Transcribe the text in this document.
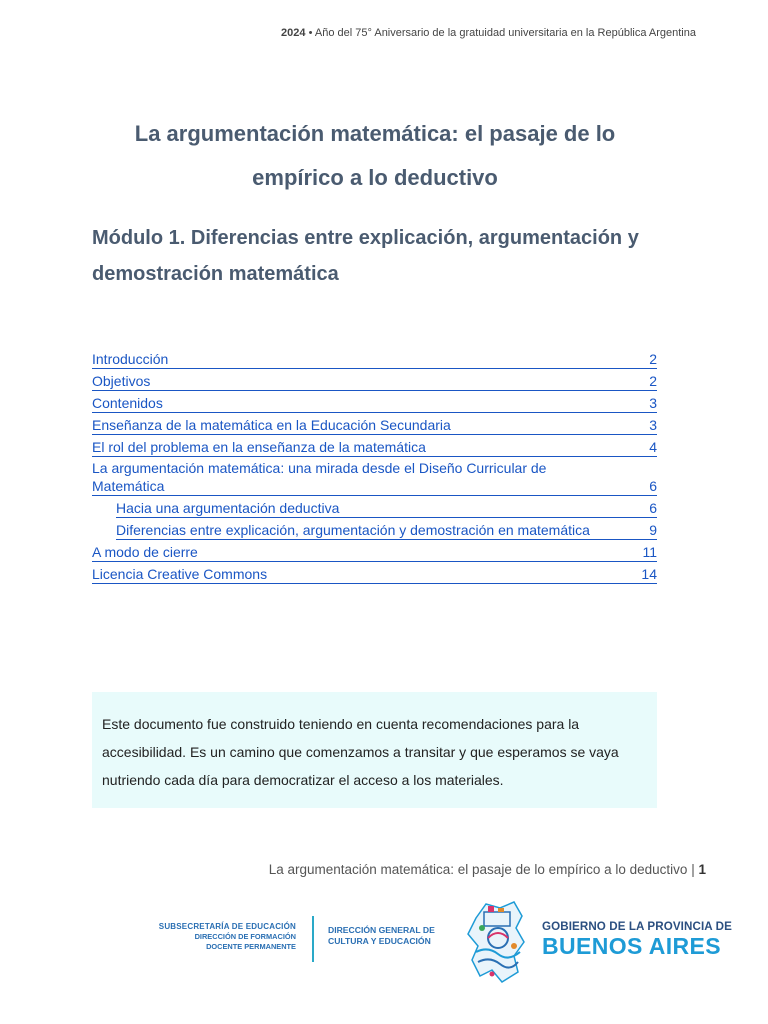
2024 • Año del 75° Aniversario de la gratuidad universitaria en la República Argentina
La argumentación matemática: el pasaje de lo
empírico a lo deductivo
Módulo 1. Diferencias entre explicación, argumentación y
demostración matemática
Introducción	2
Objetivos	2
Contenidos	3
Enseñanza de la matemática en la Educación Secundaria	3
El rol del problema en la enseñanza de la matemática	4
La argumentación matemática: una mirada desde el Diseño Curricular de
Matemática	6
Hacia una argumentación deductiva	6
Diferencias entre explicación, argumentación y demostración en matemática	9
A modo de cierre	11
Licencia Creative Commons	14
Este documento fue construido teniendo en cuenta recomendaciones para la accesibilidad. Es un camino que comenzamos a transitar y que esperamos se vaya nutriendo cada día para democratizar el acceso a los materiales.
La argumentación matemática: el pasaje de lo empírico a lo deductivo | 1
SUBSECRETARÍA DE EDUCACIÓN
DIRECCIÓN DE FORMACIÓN
DOCENTE PERMANENTE
DIRECCIÓN GENERAL DE
CULTURA Y EDUCACIÓN
GOBIERNO DE LA PROVINCIA DE
BUENOS AIRES
